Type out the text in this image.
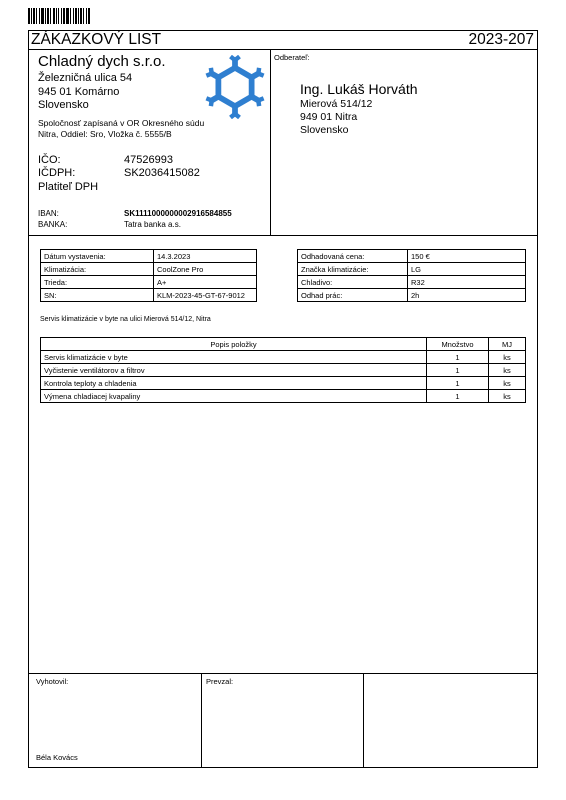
ZÁKAZKOVÝ LIST	2023-207
Chladný dych s.r.o.
Železničná ulica 54
945 01 Komárno
Slovensko
Spoločnosť zapísaná v OR Okresného súdu Nitra, Oddiel: Sro, Vložka č. 5555/B
IČO:	47526993
IČDPH:	SK2036415082
Platiteľ DPH
IBAN:	SK1111000000002916584855
BANKA:	Tatra banka a.s.
Odberateľ:
Ing. Lukáš Horváth
Mierová 514/12
949 01 Nitra
Slovensko
Dátum vystavenia:	14.3.2023
Klimatizácia:	CoolZone Pro
Trieda:	A+
SN:	KLM-2023-45-GT-67-9012
Odhadovaná cena:	150 €
Značka klimatizácie:	LG
Chladivo:	R32
Odhad prác:	2h
Servis klimatizácie v byte na ulici Mierová 514/12, Nitra
Popis položky	Množstvo	MJ
Servis klimatizácie v byte	1	ks
Vyčistenie ventilátorov a filtrov	1	ks
Kontrola teploty a chladenia	1	ks
Výmena chladiacej kvapaliny	1	ks
Vyhotovil:	Prevzal:
Béla Kovács
